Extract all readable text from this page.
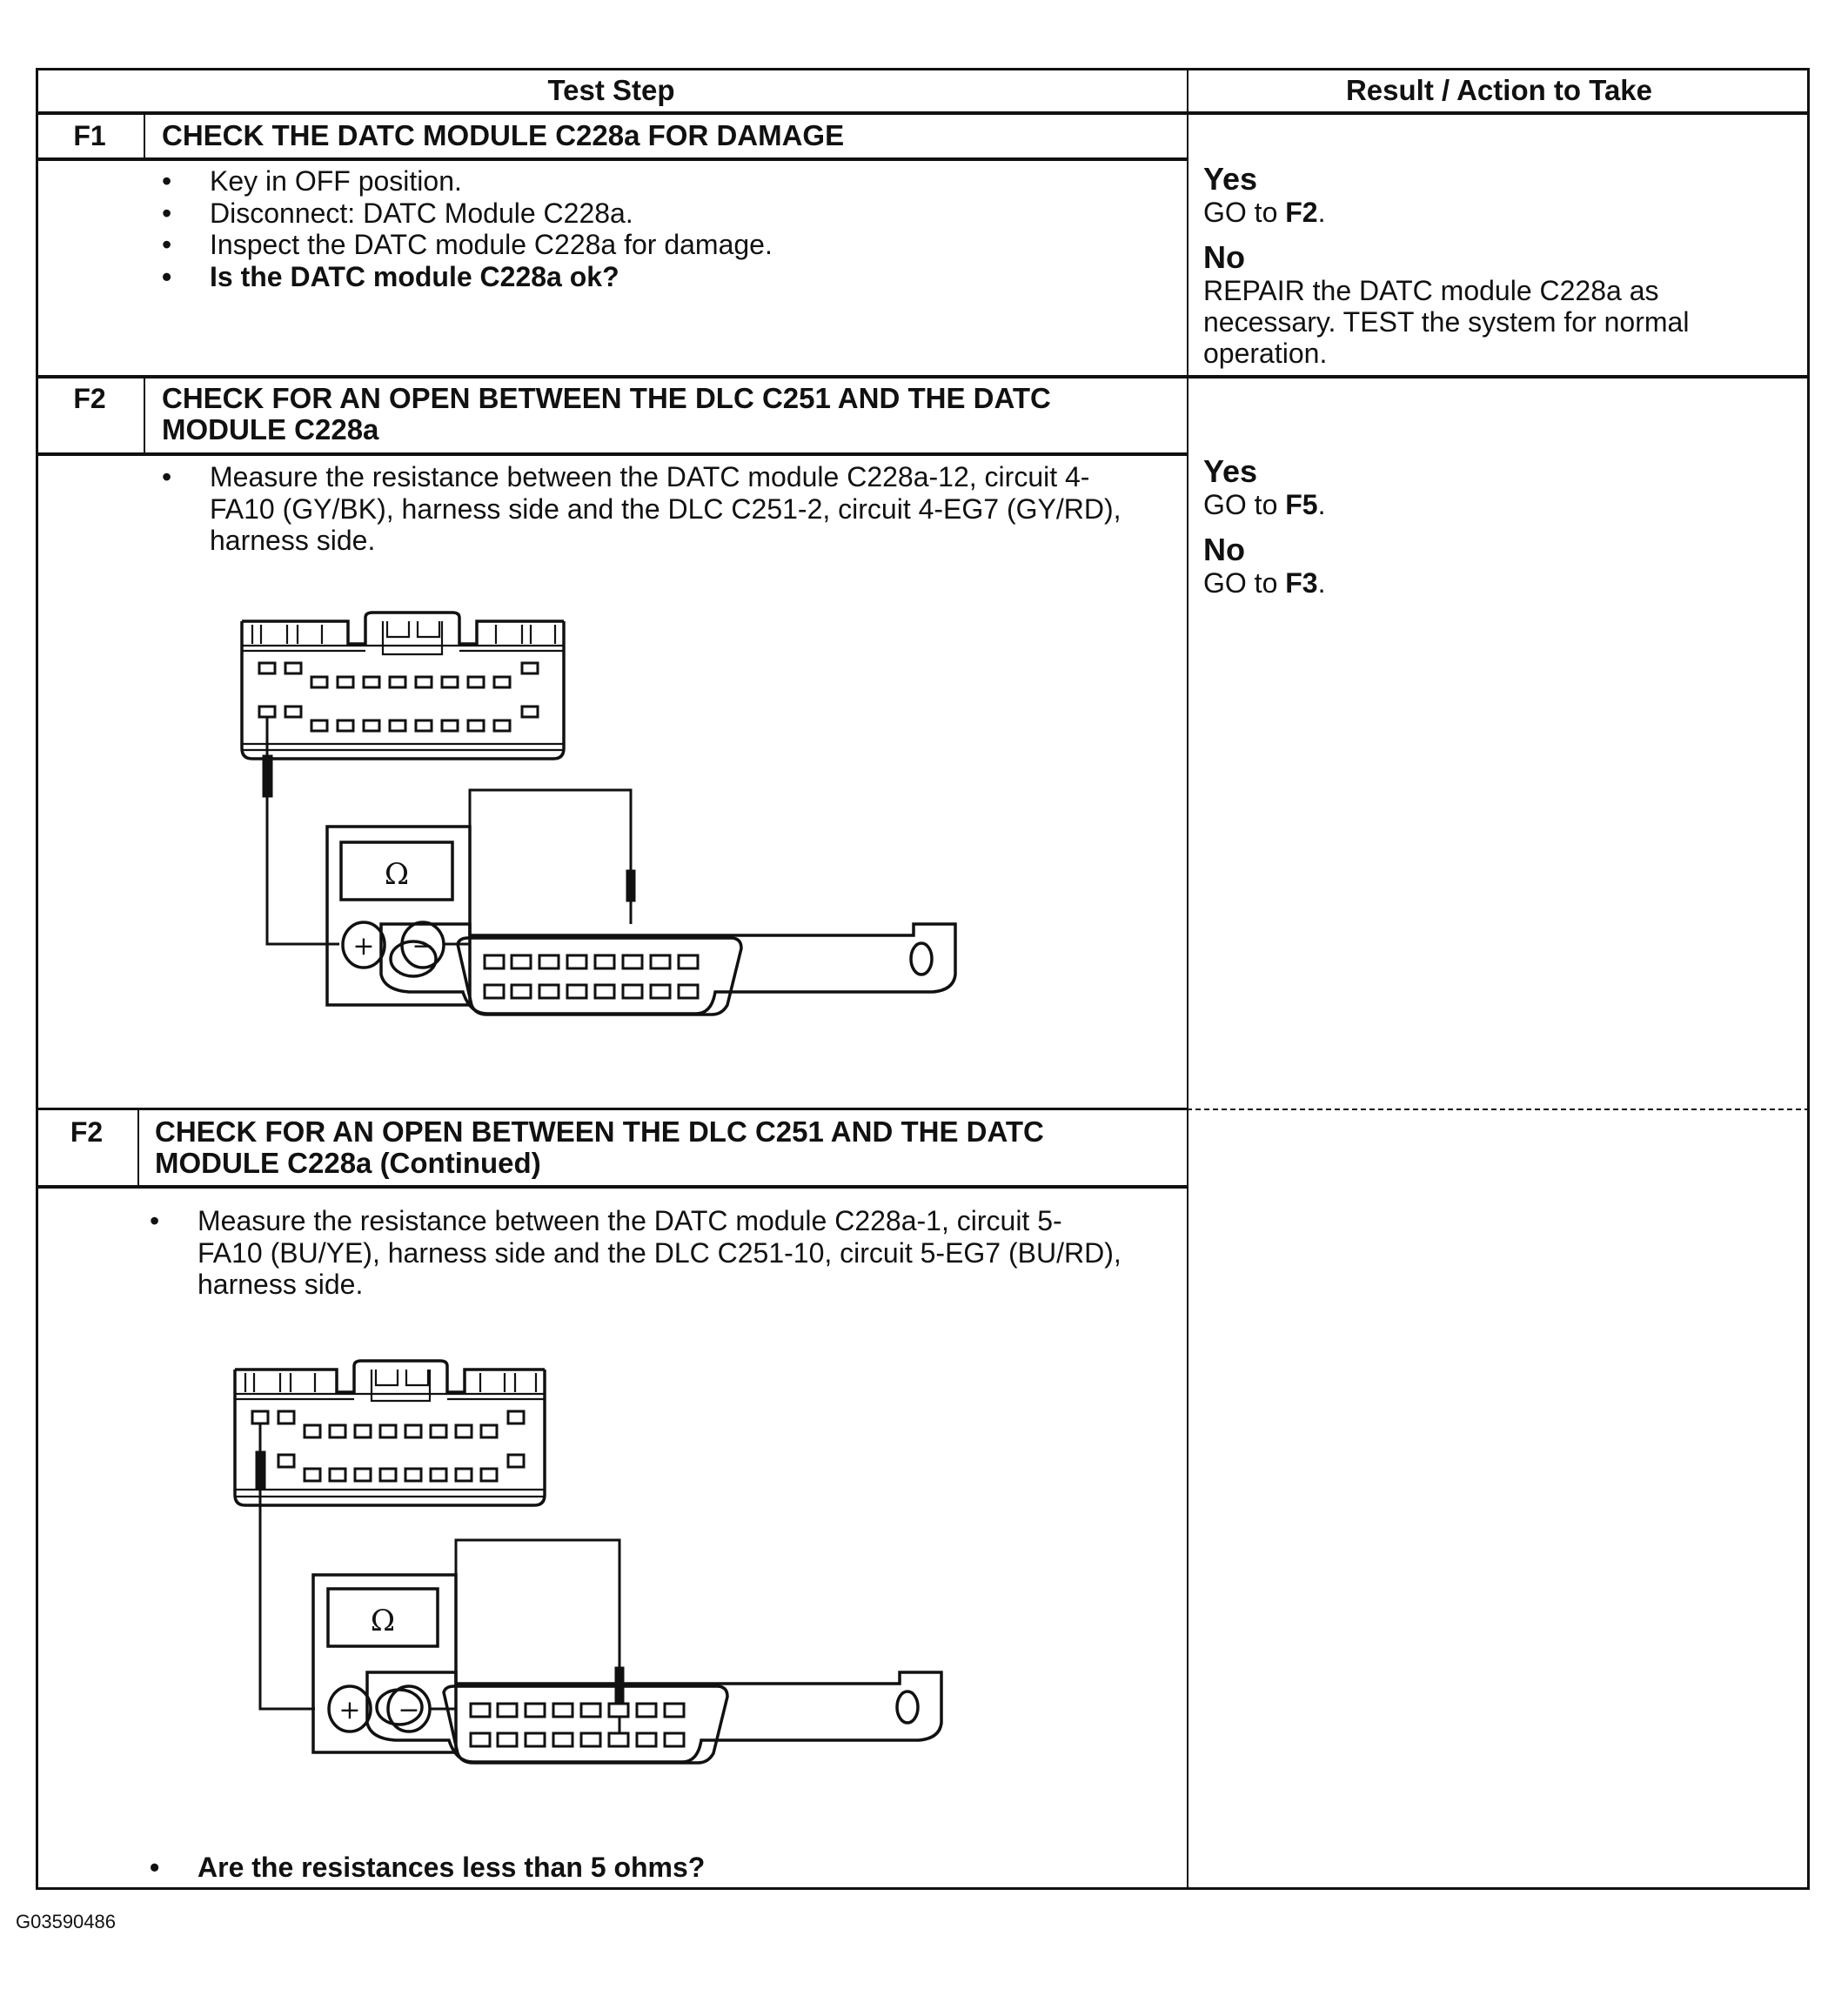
Test Step	Result / Action to Take
F1	CHECK THE DATC MODULE C228a FOR DAMAGE
• Key in OFF position.
• Disconnect: DATC Module C228a.
• Inspect the DATC module C228a for damage.
• Is the DATC module C228a ok?
Yes
GO to F2.
No
REPAIR the DATC module C228a as necessary. TEST the system for normal operation.
F2	CHECK FOR AN OPEN BETWEEN THE DLC C251 AND THE DATC MODULE C228a
• Measure the resistance between the DATC module C228a-12, circuit 4-FA10 (GY/BK), harness side and the DLC C251-2, circuit 4-EG7 (GY/RD), harness side.
Ω
+ −
Yes
GO to F5.
No
GO to F3.
F2	CHECK FOR AN OPEN BETWEEN THE DLC C251 AND THE DATC MODULE C228a (Continued)
• Measure the resistance between the DATC module C228a-1, circuit 5-FA10 (BU/YE), harness side and the DLC C251-10, circuit 5-EG7 (BU/RD), harness side.
Ω
+ −
• Are the resistances less than 5 ohms?
G03590486
